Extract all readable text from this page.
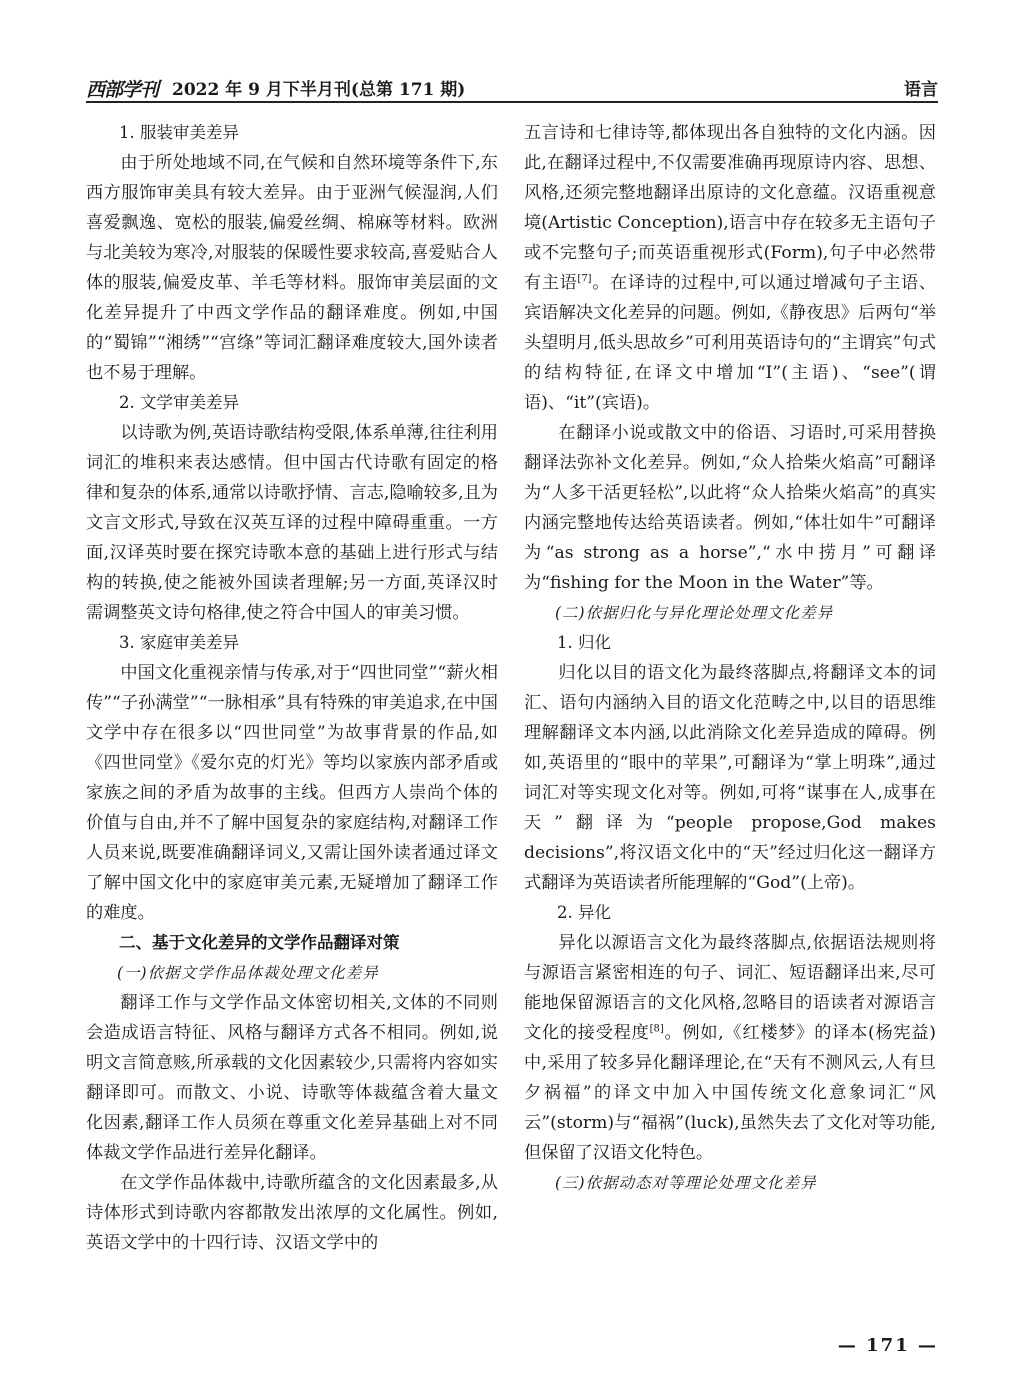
西部学刊 2022 年 9 月下半月刊(总第 171 期)	语言
1. 服装审美差异

由于所处地域不同,在气候和自然环境等条件下,东西方服饰审美具有较大差异。由于亚洲气候湿润,人们喜爱飘逸、宽松的服装,偏爱丝绸、棉麻等材料。欧洲与北美较为寒冷,对服装的保暖性要求较高,喜爱贴合人体的服装,偏爱皮革、羊毛等材料。服饰审美层面的文化差异提升了中西文学作品的翻译难度。例如,中国的“蜀锦”“湘绣”“宫绦”等词汇翻译难度较大,国外读者也不易于理解。

2. 文学审美差异

以诗歌为例,英语诗歌结构受限,体系单薄,往往利用词汇的堆积来表达感情。但中国古代诗歌有固定的格律和复杂的体系,通常以诗歌抒情、言志,隐喻较多,且为文言文形式,导致在汉英互译的过程中障碍重重。一方面,汉译英时要在探究诗歌本意的基础上进行形式与结构的转换,使之能被外国读者理解;另一方面,英译汉时需调整英文诗句格律,使之符合中国人的审美习惯。

3. 家庭审美差异

中国文化重视亲情与传承,对于“四世同堂”“薪火相传”“子孙满堂”“一脉相承”具有特殊的审美追求,在中国文学中存在很多以“四世同堂”为故事背景的作品,如《四世同堂》《爱尔克的灯光》等均以家族内部矛盾或家族之间的矛盾为故事的主线。但西方人崇尚个体的价值与自由,并不了解中国复杂的家庭结构,对翻译工作人员来说,既要准确翻译词义,又需让国外读者通过译文了解中国文化中的家庭审美元素,无疑增加了翻译工作的难度。

二、基于文化差异的文学作品翻译对策
(一)依据文学作品体裁处理文化差异

翻译工作与文学作品文体密切相关,文体的不同则会造成语言特征、风格与翻译方式各不相同。例如,说明文言简意赅,所承载的文化因素较少,只需将内容如实翻译即可。而散文、小说、诗歌等体裁蕴含着大量文化因素,翻译工作人员须在尊重文化差异基础上对不同体裁文学作品进行差异化翻译。

在文学作品体裁中,诗歌所蕴含的文化因素最多,从诗体形式到诗歌内容都散发出浓厚的文化属性。例如,英语文学中的十四行诗、汉语文学中的

五言诗和七律诗等,都体现出各自独特的文化内涵。因此,在翻译过程中,不仅需要准确再现原诗内容、思想、风格,还须完整地翻译出原诗的文化意蕴。汉语重视意境(Artistic Conception),语言中存在较多无主语句子或不完整句子;而英语重视形式(Form),句子中必然带有主语[7]。在译诗的过程中,可以通过增减句子主语、宾语解决文化差异的问题。例如,《静夜思》后两句“举头望明月,低头思故乡”可利用英语诗句的“主谓宾”句式的结构特征,在译文中增加“I”(主语)、“see”(谓语)、“it”(宾语)。

在翻译小说或散文中的俗语、习语时,可采用替换翻译法弥补文化差异。例如,“众人拾柴火焰高”可翻译为“人多干活更轻松”,以此将“众人拾柴火焰高”的真实内涵完整地传达给英语读者。例如,“体壮如牛”可翻译为“as strong as a horse”,“水中捞月”可翻译为“fishing for the Moon in the Water”等。

(二)依据归化与异化理论处理文化差异
1. 归化

归化以目的语文化为最终落脚点,将翻译文本的词汇、语句内涵纳入目的语文化范畴之中,以目的语思维理解翻译文本内涵,以此消除文化差异造成的障碍。例如,英语里的“眼中的苹果”,可翻译为“掌上明珠”,通过词汇对等实现文化对等。例如,可将“谋事在人,成事在天”翻译为“people propose,God makes decisions”,将汉语文化中的“天”经过归化这一翻译方式翻译为英语读者所能理解的“God”(上帝)。

2. 异化

异化以源语言文化为最终落脚点,依据语法规则将与源语言紧密相连的句子、词汇、短语翻译出来,尽可能地保留源语言的文化风格,忽略目的语读者对源语言文化的接受程度[8]。例如,《红楼梦》的译本(杨宪益)中,采用了较多异化翻译理论,在“天有不测风云,人有旦夕祸福”的译文中加入中国传统文化意象词汇“风云”(storm)与“福祸”(luck),虽然失去了文化对等功能,但保留了汉语文化特色。

(三)依据动态对等理论处理文化差异
— 171 —
